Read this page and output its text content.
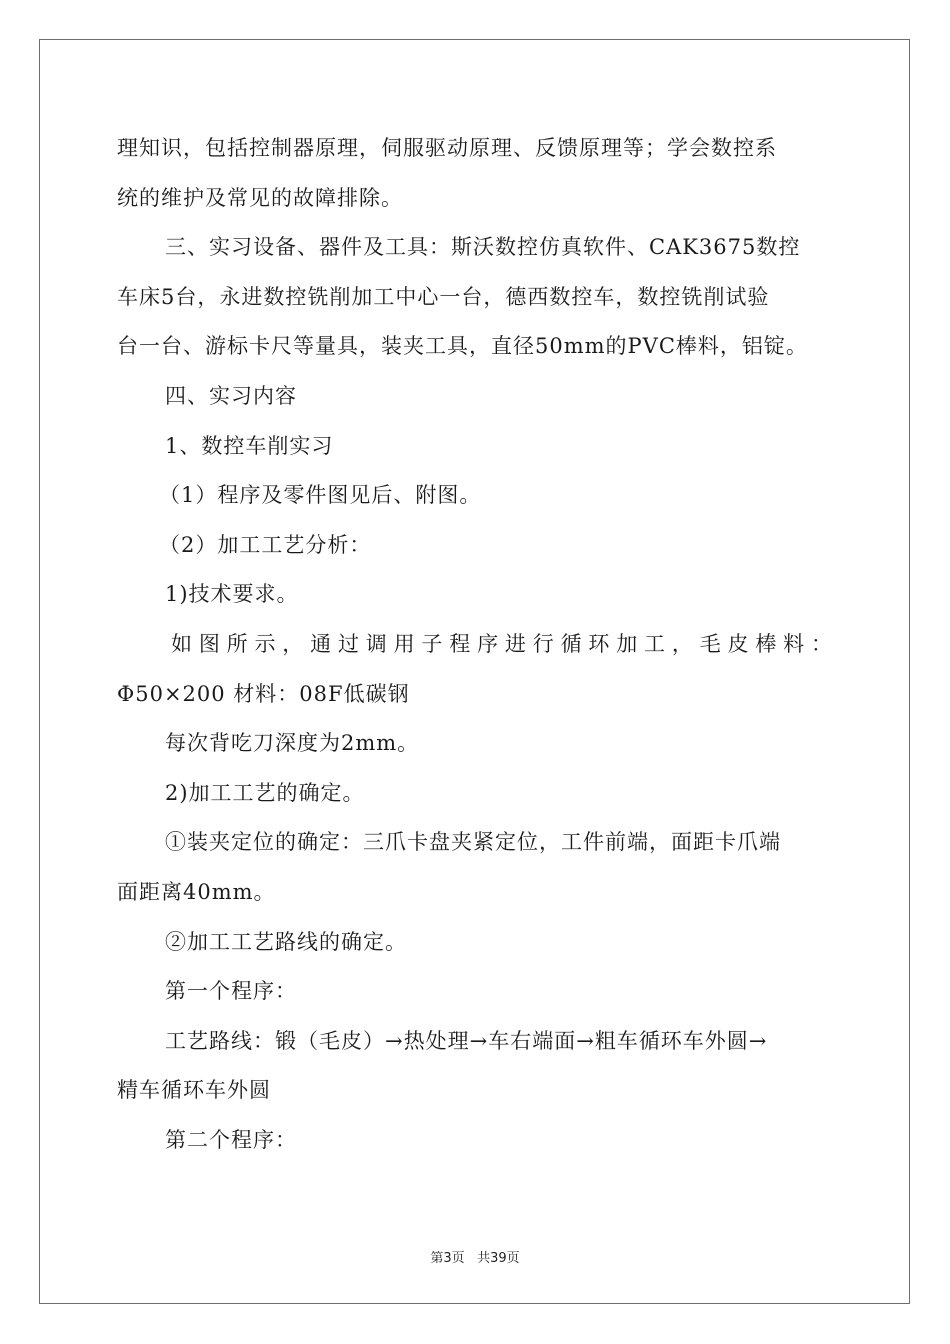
理知识，包括控制器原理，伺服驱动原理、反馈原理等；学会数控系
统的维护及常见的故障排除。
三、实习设备、器件及工具：斯沃数控仿真软件、CAK3675数控
车床5台，永进数控铣削加工中心一台，德西数控车，数控铣削试验
台一台、游标卡尺等量具，装夹工具，直径50mm的PVC棒料，铝锭。
四、实习内容
1、数控车削实习
（1）程序及零件图见后、附图。
（2）加工工艺分析：
1)技术要求。
如图所示，通过调用子程序进行循环加工，毛皮棒料：
Φ50×200 材料：08F低碳钢
每次背吃刀深度为2mm。
2)加工工艺的确定。
①装夹定位的确定：三爪卡盘夹紧定位，工件前端，面距卡爪端
面距离40mm。
②加工工艺路线的确定。
第一个程序：
工艺路线：锻（毛皮）→热处理→车右端面→粗车循环车外圆→
精车循环车外圆
第二个程序：
第3页 共39页
